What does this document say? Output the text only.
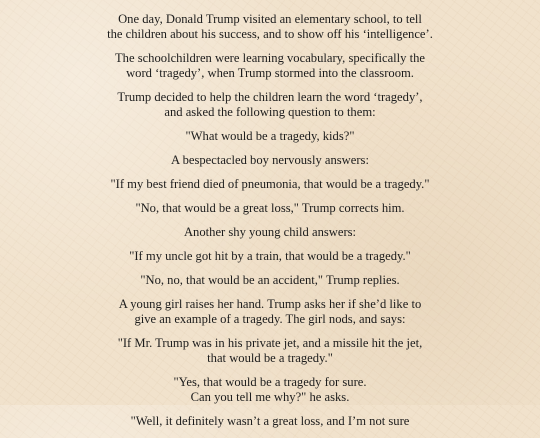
One day, Donald Trump visited an elementary school, to tell
the children about his success, and to show off his ‘intelligence’.

The schoolchildren were learning vocabulary, specifically the
word ‘tragedy’, when Trump stormed into the classroom.

Trump decided to help the children learn the word ‘tragedy’,
and asked the following question to them:

"What would be a tragedy, kids?"

A bespectacled boy nervously answers:

"If my best friend died of pneumonia, that would be a tragedy."

"No, that would be a great loss," Trump corrects him.

Another shy young child answers:

"If my uncle got hit by a train, that would be a tragedy."

"No, no, that would be an accident," Trump replies.

A young girl raises her hand. Trump asks her if she’d like to
give an example of a tragedy. The girl nods, and says:

"If Mr. Trump was in his private jet, and a missile hit the jet,
that would be a tragedy."

"Yes, that would be a tragedy for sure.
Can you tell me why?" he asks.

"Well, it definitely wasn’t a great loss, and I’m not sure
